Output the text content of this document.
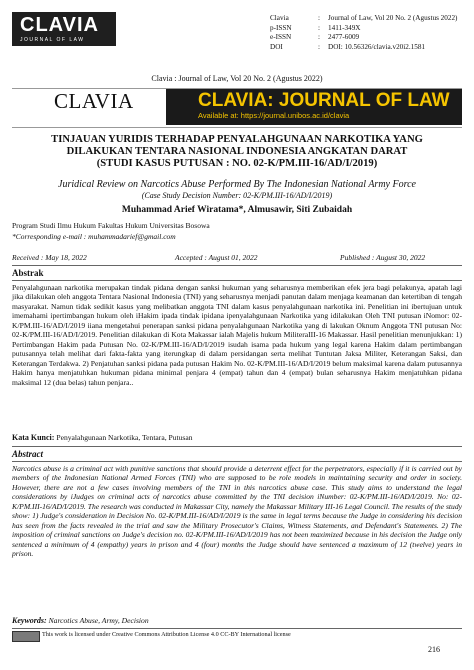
CLAVIA
JOURNAL OF LAW
Clavia	:	Journal of Law, Vol 20 No. 2 (Agustus 2022)
p-ISSN	:	1411-349X
e-ISSN	:	2477-6009
DOI	:	DOI: 10.56326/clavia.v20i2.1581
Clavia : Journal of Law, Vol 20 No. 2 (Agustus 2022)
CLAVIA	CLAVIA: JOURNAL OF LAW
Available at: https://journal.unibos.ac.id/clavia
TINJAUAN YURIDIS TERHADAP PENYALAHGUNAAN NARKOTIKA YANG
DILAKUKAN TENTARA NASIONAL INDONESIA ANGKATAN DARAT
(STUDI KASUS PUTUSAN : NO. 02-K/PM.III-16/AD/I/2019)
Juridical Review on Narcotics Abuse Performed By The Indonesian National Army Force
(Case Study Decision Number: 02-K/PM.III-16/AD/I/2019)
Muhammad Arief Wiratama*, Almusawir, Siti Zubaidah
Program Studi Ilmu Hukum Fakultas Hukum Universitas Bosowa
*Corresponding e-mail : muhammadarief@gmail.com
Received : May 18, 2022	Accepted : August 01, 2022	Published : August 30, 2022
Abstrak
Penyalahgunaan narkotika merupakan tindak pidana dengan sanksi hukuman yang seharusnya memberikan efek jera bagi pelakunya, apatah lagi jika dilakukan oleh anggota Tentara Nasional Indonesia (TNI) yang seharusnya menjadi panutan dalam menjaga keamanan dan ketertiban di tengah masyarakat. Namun tidak sedikit kasus yang melibatkan anggota TNI dalam kasus penyalahgunaan narkotika ini. Penelitian ini ibertujuan untuk imemahami ipertimbangan hukum oleh iHakim ipada tindak ipidana ipenyalahgunaan Narkotika yang idilakukan Oleh TNI putusan iNomor: 02-K/PM.III-16/AD/I/2019 iiana mengetahui penerapan sanksi pidana penyalahgunaan Narkotika yang di lakukan Oknum Anggota TNI putusan No: 02-K/PM.III-16/AD/I/2019. Penelitian dilakukan di Kota Makassar ialah Majelis hukum MiliterаIII-16 Makassar. Hasil penelitian menunjukkan: 1) Pertimbangan Hakim pada Putusan No. 02-K/PM.III-16/AD/I/2019 isudah isama pada hukum yang legal karena Hakim dalam pertimbangan putusannya telah melihat dari fakta-fakta yang iterungkap di dalam persidangan serta melihat Tuntutan Jaksa Militer, Keterangan Saksi, dan Keterangan Terdakwa. 2) Penjatuhan sanksi pidana pada putusan Hakim No. 02-K/PM.III-16/AD/I/2019 belum maksimal karena dalam putusannya Hakim hanya menjatuhkan hukuman pidana minimal penjara 4 (empat) tahun dan 4 (empat) bulan seharusnya Hakim menjatuhkan pidana maksimal 12 (dua belas) tahun penjara..
Kata Kunci: Penyalahgunaan Narkotika, Tentara, Putusan
Abstract
Narcotics abuse is a criminal act with punitive sanctions that should provide a deterrent effect for the perpetrators, especially if it is carried out by members of the Indonesian National Armed Forces (TNI) who are supposed to be role models in maintaining security and order in society. However, there are not a few cases involving members of the TNI in this narcotics abuse case. This study aims to understand the legal considerations by iJudges on criminal acts of narcotics abuse committed by the TNI decision iNumber: 02-K/PM.III-16/AD/I/2019. No: 02-K/PM.III-16/AD/I/2019. The research was conducted in Makassar City, namely the Makassar Military III-16 Legal Council. The results of the study show: 1) Judge's consideration in Decision No. 02-K/PM.III-16/AD/I/2019 is the same in legal terms because the Judge in considering his decision has seen from the facts revealed in the trial and saw the Military Prosecutor's Claims, Witness Statements, and Defendant's Statements. 2) The imposition of criminal sanctions on Judge's decision no. 02-K/PM.III-16/AD/I/2019 has not been maximized because in his decision the Judge only sentenced a minimum of 4 (empathy) years in prison and 4 (four) months the Judge should have sentenced a maximum of 12 (twelve) years in prison.
Keywords: Narcotics Abuse, Army, Decision
This work is licensed under Creative Commons Attribution License 4.0 CC-BY International license
216
